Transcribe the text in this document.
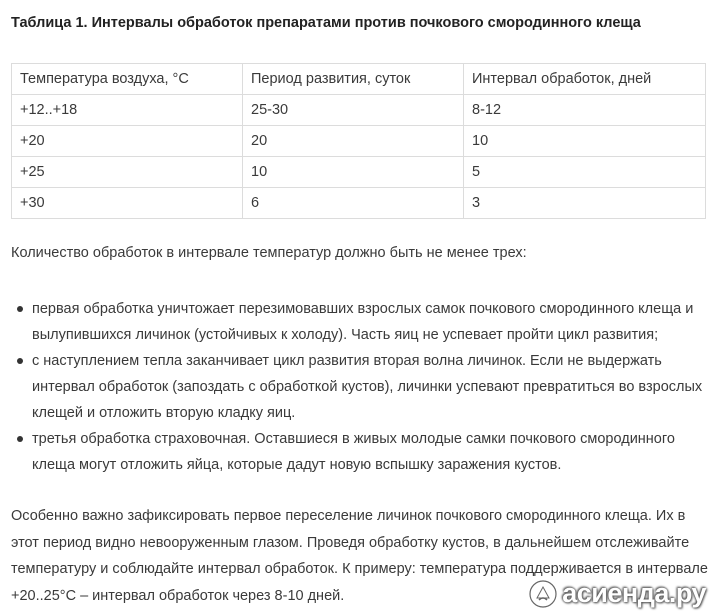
Таблица 1. Интервалы обработок препаратами против почкового смородинного клеща
Температура воздуха, °С	Период развития, суток	Интервал обработок, дней
+12..+18	25-30	8-12
+20	20	10
+25	10	5
+30	6	3
Количество обработок в интервале температур должно быть не менее трех:
первая обработка уничтожает перезимовавших взрослых самок почкового смородинного клеща и вылупившихся личинок (устойчивых к холоду). Часть яиц не успевает пройти цикл развития;
с наступлением тепла заканчивает цикл развития вторая волна личинок. Если не выдержать интервал обработок (запоздать с обработкой кустов), личинки успевают превратиться во взрослых клещей и отложить вторую кладку яиц.
третья обработка страховочная. Оставшиеся в живых молодые самки почкового смородинного клеща могут отложить яйца, которые дадут новую вспышку заражения кустов.
Особенно важно зафиксировать первое переселение личинок почкового смородинного клеща. Их в этот период видно невооруженным глазом. Проведя обработку кустов, в дальнейшем отслеживайте температуру и соблюдайте интервал обработок. К примеру: температура поддерживается в интервале +20..25°С – интервал обработок через 8-10 дней.	асиенда.ру
